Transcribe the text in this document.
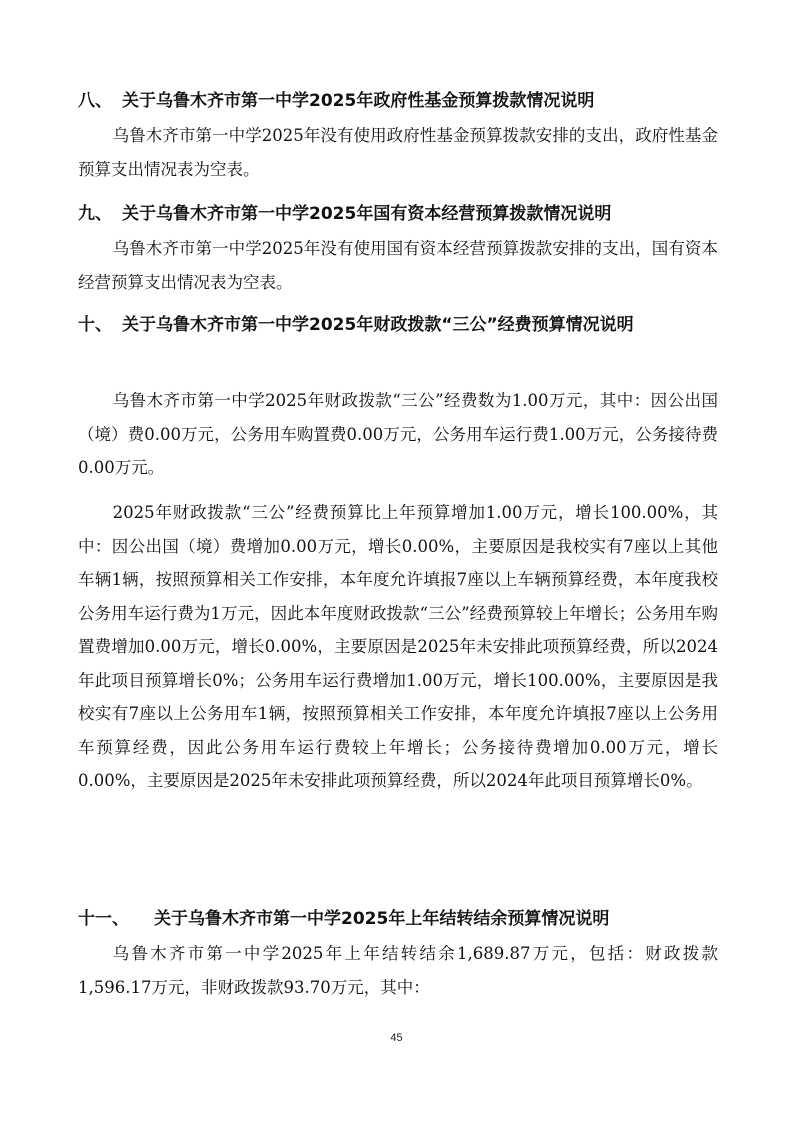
八、 关于乌鲁木齐市第一中学2025年政府性基金预算拨款情况说明

乌鲁木齐市第一中学2025年没有使用政府性基金预算拨款安排的支出，政府性基金预算支出情况表为空表。

九、 关于乌鲁木齐市第一中学2025年国有资本经营预算拨款情况说明

乌鲁木齐市第一中学2025年没有使用国有资本经营预算拨款安排的支出，国有资本经营预算支出情况表为空表。

十、 关于乌鲁木齐市第一中学2025年财政拨款“三公”经费预算情况说明

乌鲁木齐市第一中学2025年财政拨款“三公”经费数为1.00万元，其中：因公出国（境）费0.00万元，公务用车购置费0.00万元，公务用车运行费1.00万元，公务接待费0.00万元。

2025年财政拨款“三公”经费预算比上年预算增加1.00万元，增长100.00%，其中：因公出国（境）费增加0.00万元，增长0.00%，主要原因是我校实有7座以上其他车辆1辆，按照预算相关工作安排，本年度允许填报7座以上车辆预算经费，本年度我校公务用车运行费为1万元，因此本年度财政拨款“三公”经费预算较上年增长；公务用车购置费增加0.00万元，增长0.00%，主要原因是2025年未安排此项预算经费，所以2024年此项目预算增长0%；公务用车运行费增加1.00万元，增长100.00%，主要原因是我校实有7座以上公务用车1辆，按照预算相关工作安排，本年度允许填报7座以上公务用车预算经费，因此公务用车运行费较上年增长；公务接待费增加0.00万元，增长0.00%，主要原因是2025年未安排此项预算经费，所以2024年此项目预算增长0%。

十一、 关于乌鲁木齐市第一中学2025年上年结转结余预算情况说明

乌鲁木齐市第一中学2025年上年结转结余1,689.87万元，包括：财政拨款1,596.17万元，非财政拨款93.70万元，其中：

45
